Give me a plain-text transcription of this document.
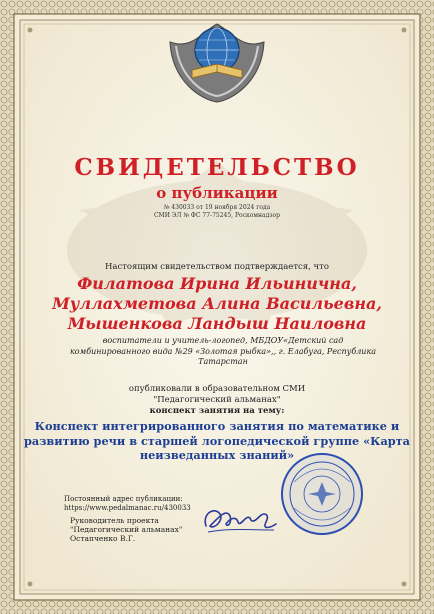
СВИДЕТЕЛЬСТВО
о публикации
№ 430033 от 19 ноября 2024 года
СМИ ЭЛ № ФС 77-75245, Роскомнадзор
Настоящим свидетельством подтверждается, что
Филатова Ирина Ильинична,
Муллахметова Алина Васильевна,
Мышенкова Ландыш Наиловна
воспитатели и учитель-логопед, МБДОУ«Детский сад комбинированного вида №29 «Золотая рыбка»,, г. Елабуга, Республика Татарстан
опубликовали в образовательном СМИ
"Педагогический альманах"
конспект занятия на тему:
Конспект интегрированного занятия по математике и развитию речи в старшей логопедической группе «Карта неизведанных знаний»
Постоянный адрес публикации:
https://www.pedalmanac.ru/430033
Руководитель проекта
"Педагогический альманах"
Остапченко В.Г.
